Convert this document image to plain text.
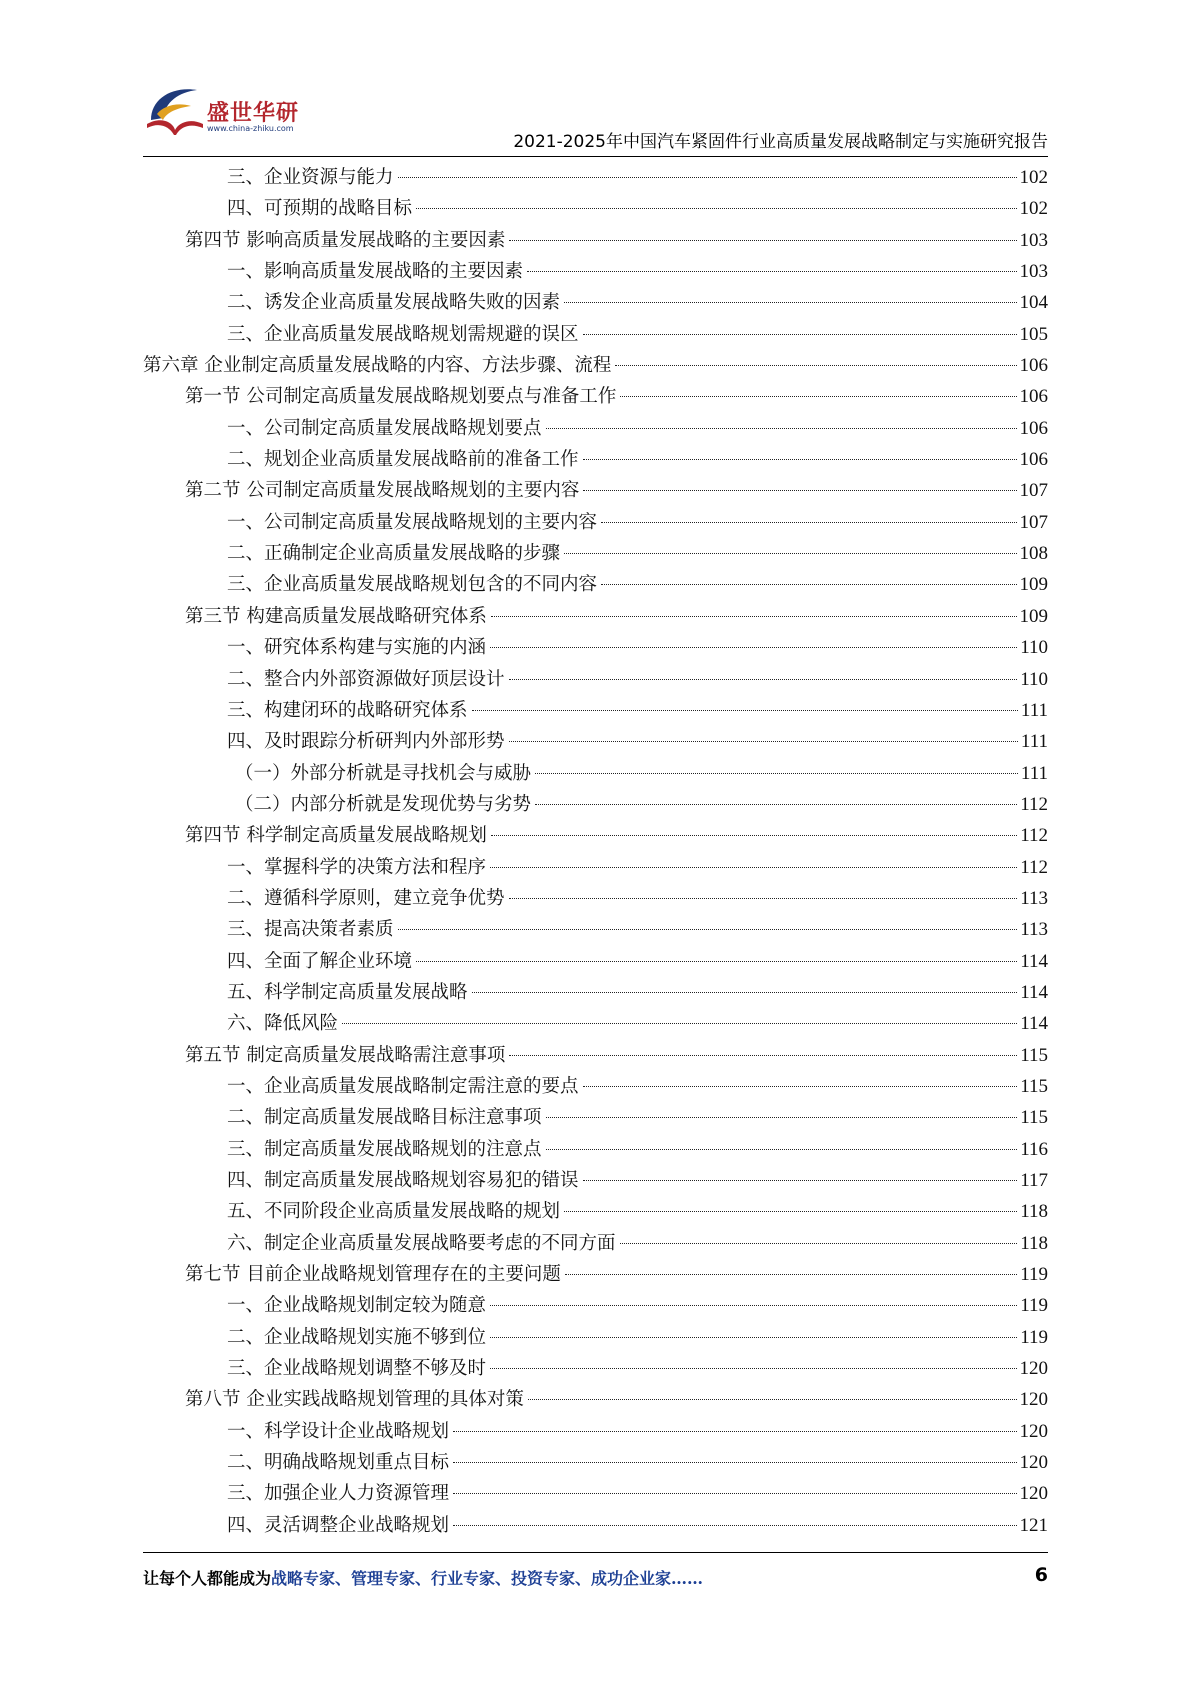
盛世华研
www.china-zhiku.com
2021-2025年中国汽车紧固件行业高质量发展战略制定与实施研究报告
三、企业资源与能力	102
四、可预期的战略目标	102
第四节 影响高质量发展战略的主要因素	103
一、影响高质量发展战略的主要因素	103
二、诱发企业高质量发展战略失败的因素	104
三、企业高质量发展战略规划需规避的误区	105
第六章 企业制定高质量发展战略的内容、方法步骤、流程	106
第一节 公司制定高质量发展战略规划要点与准备工作	106
一、公司制定高质量发展战略规划要点	106
二、规划企业高质量发展战略前的准备工作	106
第二节 公司制定高质量发展战略规划的主要内容	107
一、公司制定高质量发展战略规划的主要内容	107
二、正确制定企业高质量发展战略的步骤	108
三、企业高质量发展战略规划包含的不同内容	109
第三节 构建高质量发展战略研究体系	109
一、研究体系构建与实施的内涵	110
二、整合内外部资源做好顶层设计	110
三、构建闭环的战略研究体系	111
四、及时跟踪分析研判内外部形势	111
（一）外部分析就是寻找机会与威胁	111
（二）内部分析就是发现优势与劣势	112
第四节 科学制定高质量发展战略规划	112
一、掌握科学的决策方法和程序	112
二、遵循科学原则，建立竞争优势	113
三、提高决策者素质	113
四、全面了解企业环境	114
五、科学制定高质量发展战略	114
六、降低风险	114
第五节 制定高质量发展战略需注意事项	115
一、企业高质量发展战略制定需注意的要点	115
二、制定高质量发展战略目标注意事项	115
三、制定高质量发展战略规划的注意点	116
四、制定高质量发展战略规划容易犯的错误	117
五、不同阶段企业高质量发展战略的规划	118
六、制定企业高质量发展战略要考虑的不同方面	118
第七节 目前企业战略规划管理存在的主要问题	119
一、企业战略规划制定较为随意	119
二、企业战略规划实施不够到位	119
三、企业战略规划调整不够及时	120
第八节 企业实践战略规划管理的具体对策	120
一、科学设计企业战略规划	120
二、明确战略规划重点目标	120
三、加强企业人力资源管理	120
四、灵活调整企业战略规划	121
让每个人都能成为战略专家、管理专家、行业专家、投资专家、成功企业家……	6
